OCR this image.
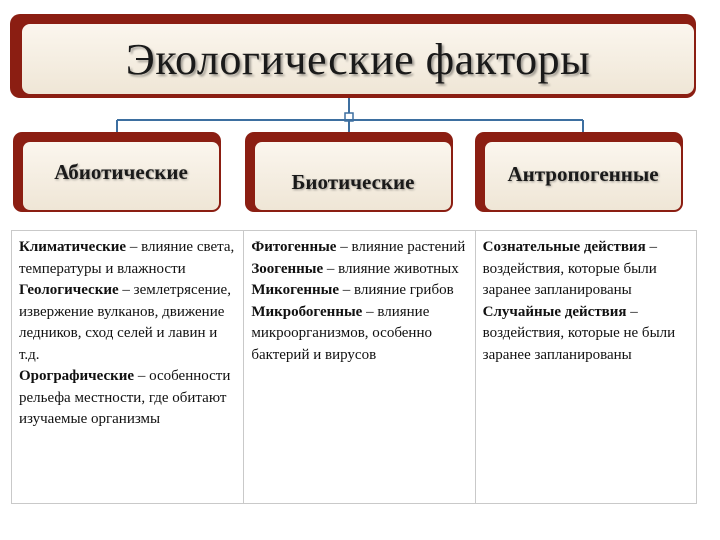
Экологические факторы
Абиотические	Биотические	Антропогенные
Климатические – влияние света, температуры и влажности
Геологические – землетрясение, извержение вулканов, движение ледников, сход селей и лавин и т.д.
Орографические – особенности рельефа местности, где обитают изучаемые организмы
Фитогенные – влияние растений
Зоогенные – влияние животных
Микогенные – влияние грибов
Микробогенные – влияние микроорганизмов, особенно бактерий и вирусов
Сознательные действия – воздействия, которые были заранее запланированы
Случайные действия – воздействия, которые не были заранее запланированы
